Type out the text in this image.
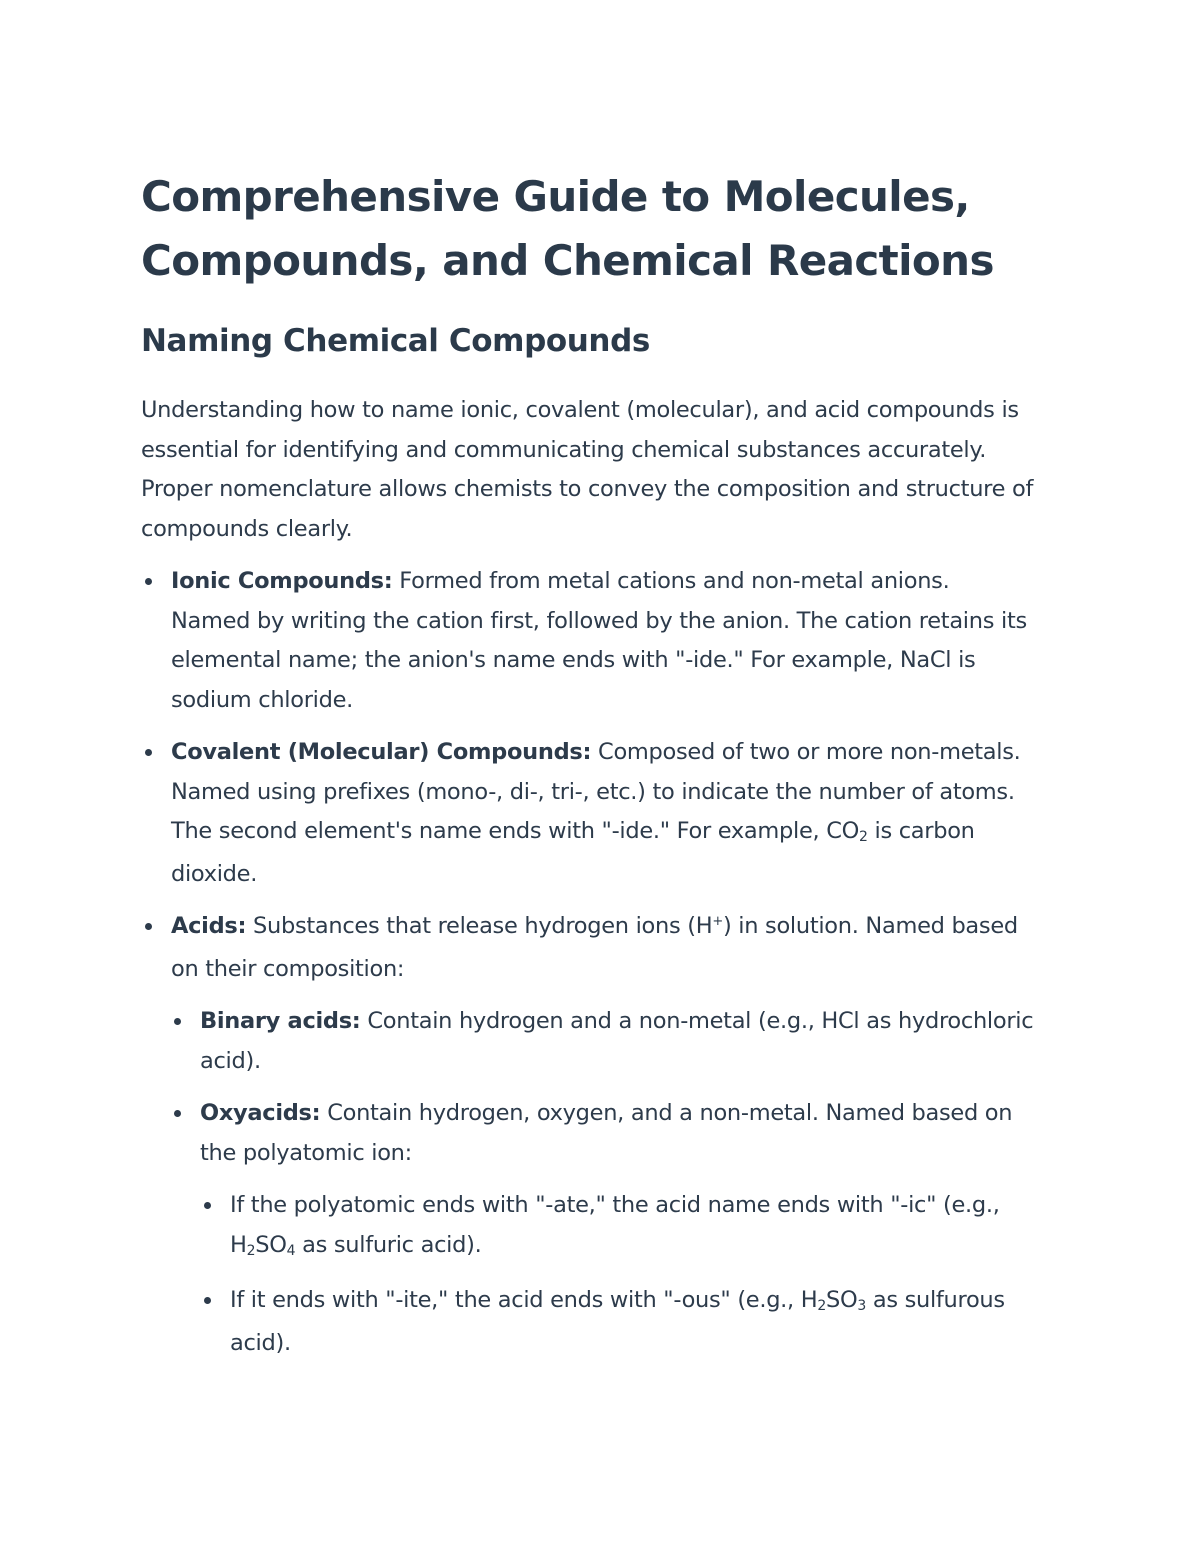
Comprehensive Guide to Molecules, Compounds, and Chemical Reactions
Naming Chemical Compounds

Understanding how to name ionic, covalent (molecular), and acid compounds is essential for identifying and communicating chemical substances accurately. Proper nomenclature allows chemists to convey the composition and structure of compounds clearly.

Ionic Compounds: Formed from metal cations and non-metal anions. Named by writing the cation first, followed by the anion. The cation retains its elemental name; the anion's name ends with "-ide." For example, NaCl is sodium chloride.
Covalent (Molecular) Compounds: Composed of two or more non-metals. Named using prefixes (mono-, di-, tri-, etc.) to indicate the number of atoms. The second element's name ends with "-ide." For example, $CO_2$ is carbon dioxide.
Acids: Substances that release hydrogen ions (H+) in solution. Named based on their composition:
Binary acids: Contain hydrogen and a non-metal (e.g., HCl as hydrochloric acid).
Oxyacids: Contain hydrogen, oxygen, and a non-metal. Named based on the polyatomic ion:
If the polyatomic ends with "-ate," the acid name ends with "-ic" (e.g., $H_2SO_4$ as sulfuric acid).
If it ends with "-ite," the acid ends with "-ous" (e.g., $H_2SO_3$ as sulfurous acid).
